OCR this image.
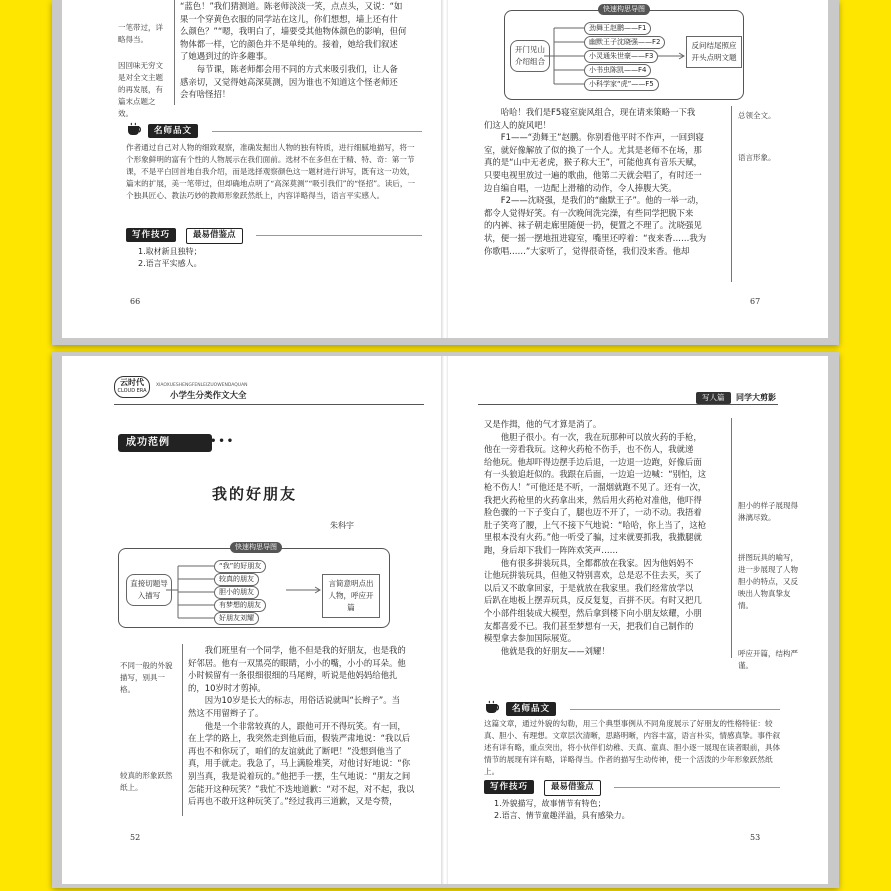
“蓝色！”我们猜测道。陈老师淡淡一笑，点点头，又说：“如
果一个穿黄色衣服的同学站在这儿，你们想想，墙上还有什
么颜色？”“嗯，我明白了，墙要受其他物体颜色的影响，但何
物体都一样，它的颜色并不是单纯的。接着，她给我们叙述
了她遇到过的许多趣事。
每节课，陈老师都会用不同的方式来吸引我们，让人备
感亲切，又觉得她高深莫测，因为谁也不知道这个怪老师还
会有啥怪招！
一笔带过，详略得当。
因回味无穷文是对全文主题的再发展，有篇末点题之效。
名师品文
作者通过自己对人物的细致观察，准确发掘出人物的独有特质，进行细腻地描写，将一个形象鲜明的富有个性的人物展示在我们面前。选材不在多但在于精、特、奇：第一节课，不是平白回首地自我介绍，而是选择观察颜色这一题材进行讲写，既有这一功效，篇末的扩展，美一笔带过，但却确地点明了“高深莫测”“吸引我们”的“怪招”。读后，一个独具匠心、教法巧妙的教师形象跃然纸上，内容详略得当，语言平实感人。
写作技巧	最易借鉴点
1.取材新且独特；
2.语言平实感人。
66
快速构思导图
开门见山介绍组合
劲舞王赵鹏——F1
幽默王子沈晓强——F2
小灵通朱世豪——F3
小书虫陈凯——F4
小科学家“虎”——F5
反问结尾照应开头点明文题
哈哈！我们是F5寝室旋风组合，现在请来策略一下我
们这人的旋风吧！
F1——“劲舞王”赵鹏。你别看他平时不作声，一回到寝
室，就好像解放了似的换了一个人。尤其是老师不在场，那
真的是“山中无老虎，猴子称大王”，可能他真有音乐天赋，
只要电视里放过一遍的歌曲，他第二天就会唱了，有时还一
边自编自唱，一边配上滑稽的动作，令人捧腹大笑。
F2——沈晓强，是我们的“幽默王子”。他的一举一动，
都令人觉得好笑。有一次晚间洗完澡，有些同学把脱下来
的内裤、袜子朝走廊里随便一扔，便置之不理了。沈晓强见
状，便一摇一摆地扭进寝室，嘴里还哼着：“夜来香……我为
你歌唱……”大家听了，觉得很奇怪，我们没来香。他却
总领全文。
语言形象。
67
云时代
CLOUD ERA
XIAOXUESHENGFENLEIZUOWENDAQUAN
小学生分类作文大全
成功范例	•••
我的好朋友
朱科宇
快速构思导图
直接切题导入描写
“我”的好朋友
较真的朋友
胆小的朋友
有梦想的朋友
好朋友刘耀
言简意明点出人物，呼应开篇
我们班里有一个同学，他不但是我的好朋友，也是我的
好邻居。他有一双黑亮的眼睛，小小的嘴，小小的耳朵。他
小时候留有一条很细很细的马尾辫，听说是他妈妈给他扎
的，10岁时才剪掉。
因为10岁是长大的标志，用俗话说就叫“长辫子”。当
然这不用留辫子了。
他是一个非常较真的人，跟他可开不得玩笑。有一回，
在上学的路上，我突然走到他后面，假装严肃地说：“我以后
再也不和你玩了，咱们的友谊就此了断吧！”没想到他当了
真，用手就走。我急了，马上满脸堆笑，对他讨好地说：“你
别当真，我是说着玩的。”他把手一摆，生气地说：“朋友之间
怎能开这种玩笑？”我忙不迭地道歉：“对不起，对不起，我以
后再也不敢开这种玩笑了。”经过我再三道歉，又是夸赞，
不同一般的外貌描写，别具一格。
较真的形象跃然纸上。
52
写人篇	同学大剪影
又是作揖，他的气才算是消了。
他胆子很小。有一次，我在玩那种可以放火药的手枪，
他在一旁看我玩。这种火药枪不伤手，也不伤人，我就递
给他玩。他却吓得边摆手边后退，一边退一边跑，好像后面
有一头狼追赶似的。我跟在后面，一边追一边喊：“别怕，这
枪不伤人！”可他还是不听，一溜烟就跑不见了。还有一次，
我把火药枪里的火药拿出来，然后用火药枪对准他，他吓得
脸色骤的一下子变白了，腿也迈不开了，一动不动。我捂着
肚子笑弯了腰，上气不接下气地说：“哈哈，你上当了，这枪
里根本没有火药。”他一听受了骗，过来就要抓我，我撒腿就
跑，身后却下我们一阵阵欢笑声……
他有很多拼装玩具，全都都放在我家。因为他妈妈不
让他玩拼装玩具，但他又特别喜欢，总是忍不住去买，买了
以后又不敢拿回家，于是就放在我家里。我们经常放学以
后趴在地板上摆弄玩具，反反复复，百拼不厌。有时又把几
个小部件组装成大模型，然后拿到楼下向小朋友炫耀，小朋
友都喜爱不已。我们甚至梦想有一天，把我们自己制作的
模型拿去参加国际展览。
他就是我的好朋友——刘耀！
胆小的样子展现得淋漓尽致。
拼图玩具的喻写，进一步展现了人物胆小的特点，又反映出人物真挚友情。
呼应开篇，结构严谨。
名师品文
这篇文章，通过外貌的勾勒，用三个典型事例从不同角度展示了好朋友的性格特征：较真、胆小、有理想。文章层次清晰，思路明晰，内容丰富，语言朴实，情感真挚。事件叙述有详有略，重点突出，将小伙伴们幼稚、天真、童真、胆小逐一展现在读者眼前，具体情节的展现有详有略，详略得当。作者的描写生动传神，使一个活泼的少年形象跃然纸上。
写作技巧	最易借鉴点
1.外貌描写，故事情节有特色；
2.语言、情节童趣洋溢，具有感染力。
53
